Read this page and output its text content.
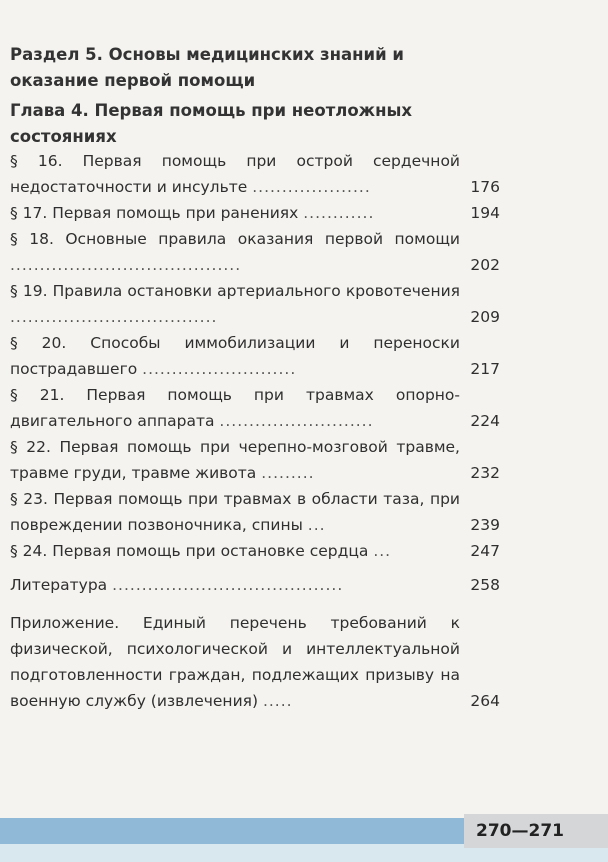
Раздел 5. Основы медицинских знаний и оказание первой помощи
Глава 4. Первая помощь при неотложных состояниях
§ 16. Первая помощь при острой сердечной недостаточности и инсульте ....................	176
§ 17. Первая помощь при ранениях ............	194
§ 18. Основные правила оказания первой помощи .......................................	202
§ 19. Правила остановки артериального кровотечения ...................................	209
§ 20. Способы иммобилизации и переноски пострадавшего ..........................	217
§ 21. Первая помощь при травмах опорно-двигательного аппарата ..........................	224
§ 22. Первая помощь при черепно-мозговой травме, травме груди, травме живота .........	232
§ 23. Первая помощь при травмах в области таза, при повреждении позвоночника, спины ...	239
§ 24. Первая помощь при остановке сердца ...	247
Литература .......................................	258
Приложение. Единый перечень требований к физической, психологической и интеллектуальной подготовленности граждан, подлежащих призыву на военную службу (извлечения) .....	264
270—271
